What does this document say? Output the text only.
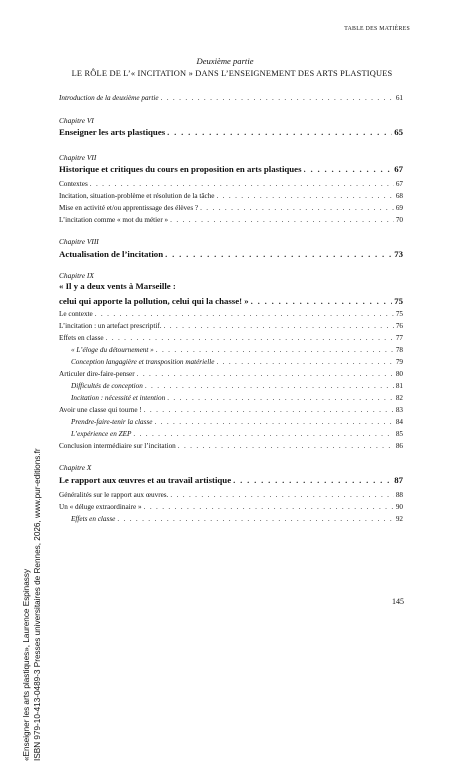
TABLE DES MATIÈRES
Deuxième partie
LE RÔLE DE L’« INCITATION » DANS L’ENSEIGNEMENT DES ARTS PLASTIQUES
Introduction de la deuxième partie . . .	61
Chapitre VI
Enseigner les arts plastiques . . .	65
Chapitre VII
Historique et critiques du cours en proposition en arts plastiques . . .	67
Contextes . . .	67
Incitation, situation-problème et résolution de la tâche . . .	68
Mise en activité et/ou apprentissage des élèves ? . . .	69
L’incitation comme « mot du métier » . . .	70
Chapitre VIII
Actualisation de l’incitation . . .	73
Chapitre IX
« Il y a deux vents à Marseille :
celui qui apporte la pollution, celui qui la chasse! » . . .	75
Le contexte . . .	75
L’incitation : un artefact prescriptif. . . .	76
Effets en classe . . .	77
« L’éloge du détournement » . . .	78
Conception langagière et transposition matérielle . . .	79
Articuler dire-faire-penser . . .	80
Difficultés de conception . . .	81
Incitation : nécessité et intention . . .	82
Avoir une classe qui tourne ! . . .	83
Prendre-faire-tenir la classe . . .	84
L’expérience en ZEP . . .	85
Conclusion intermédiaire sur l’incitation . . .	86
Chapitre X
Le rapport aux œuvres et au travail artistique . . .	87
Généralités sur le rapport aux œuvres. . . .	88
Un « déluge extraordinaire » . . .	90
Effets en classe . . .	92
«Enseigner les arts plastiques», Laurence Espinassy ISBN 979-10-413-0489-3 Presses universitaires de Rennes, 2026, www.pur-editions.fr	145
